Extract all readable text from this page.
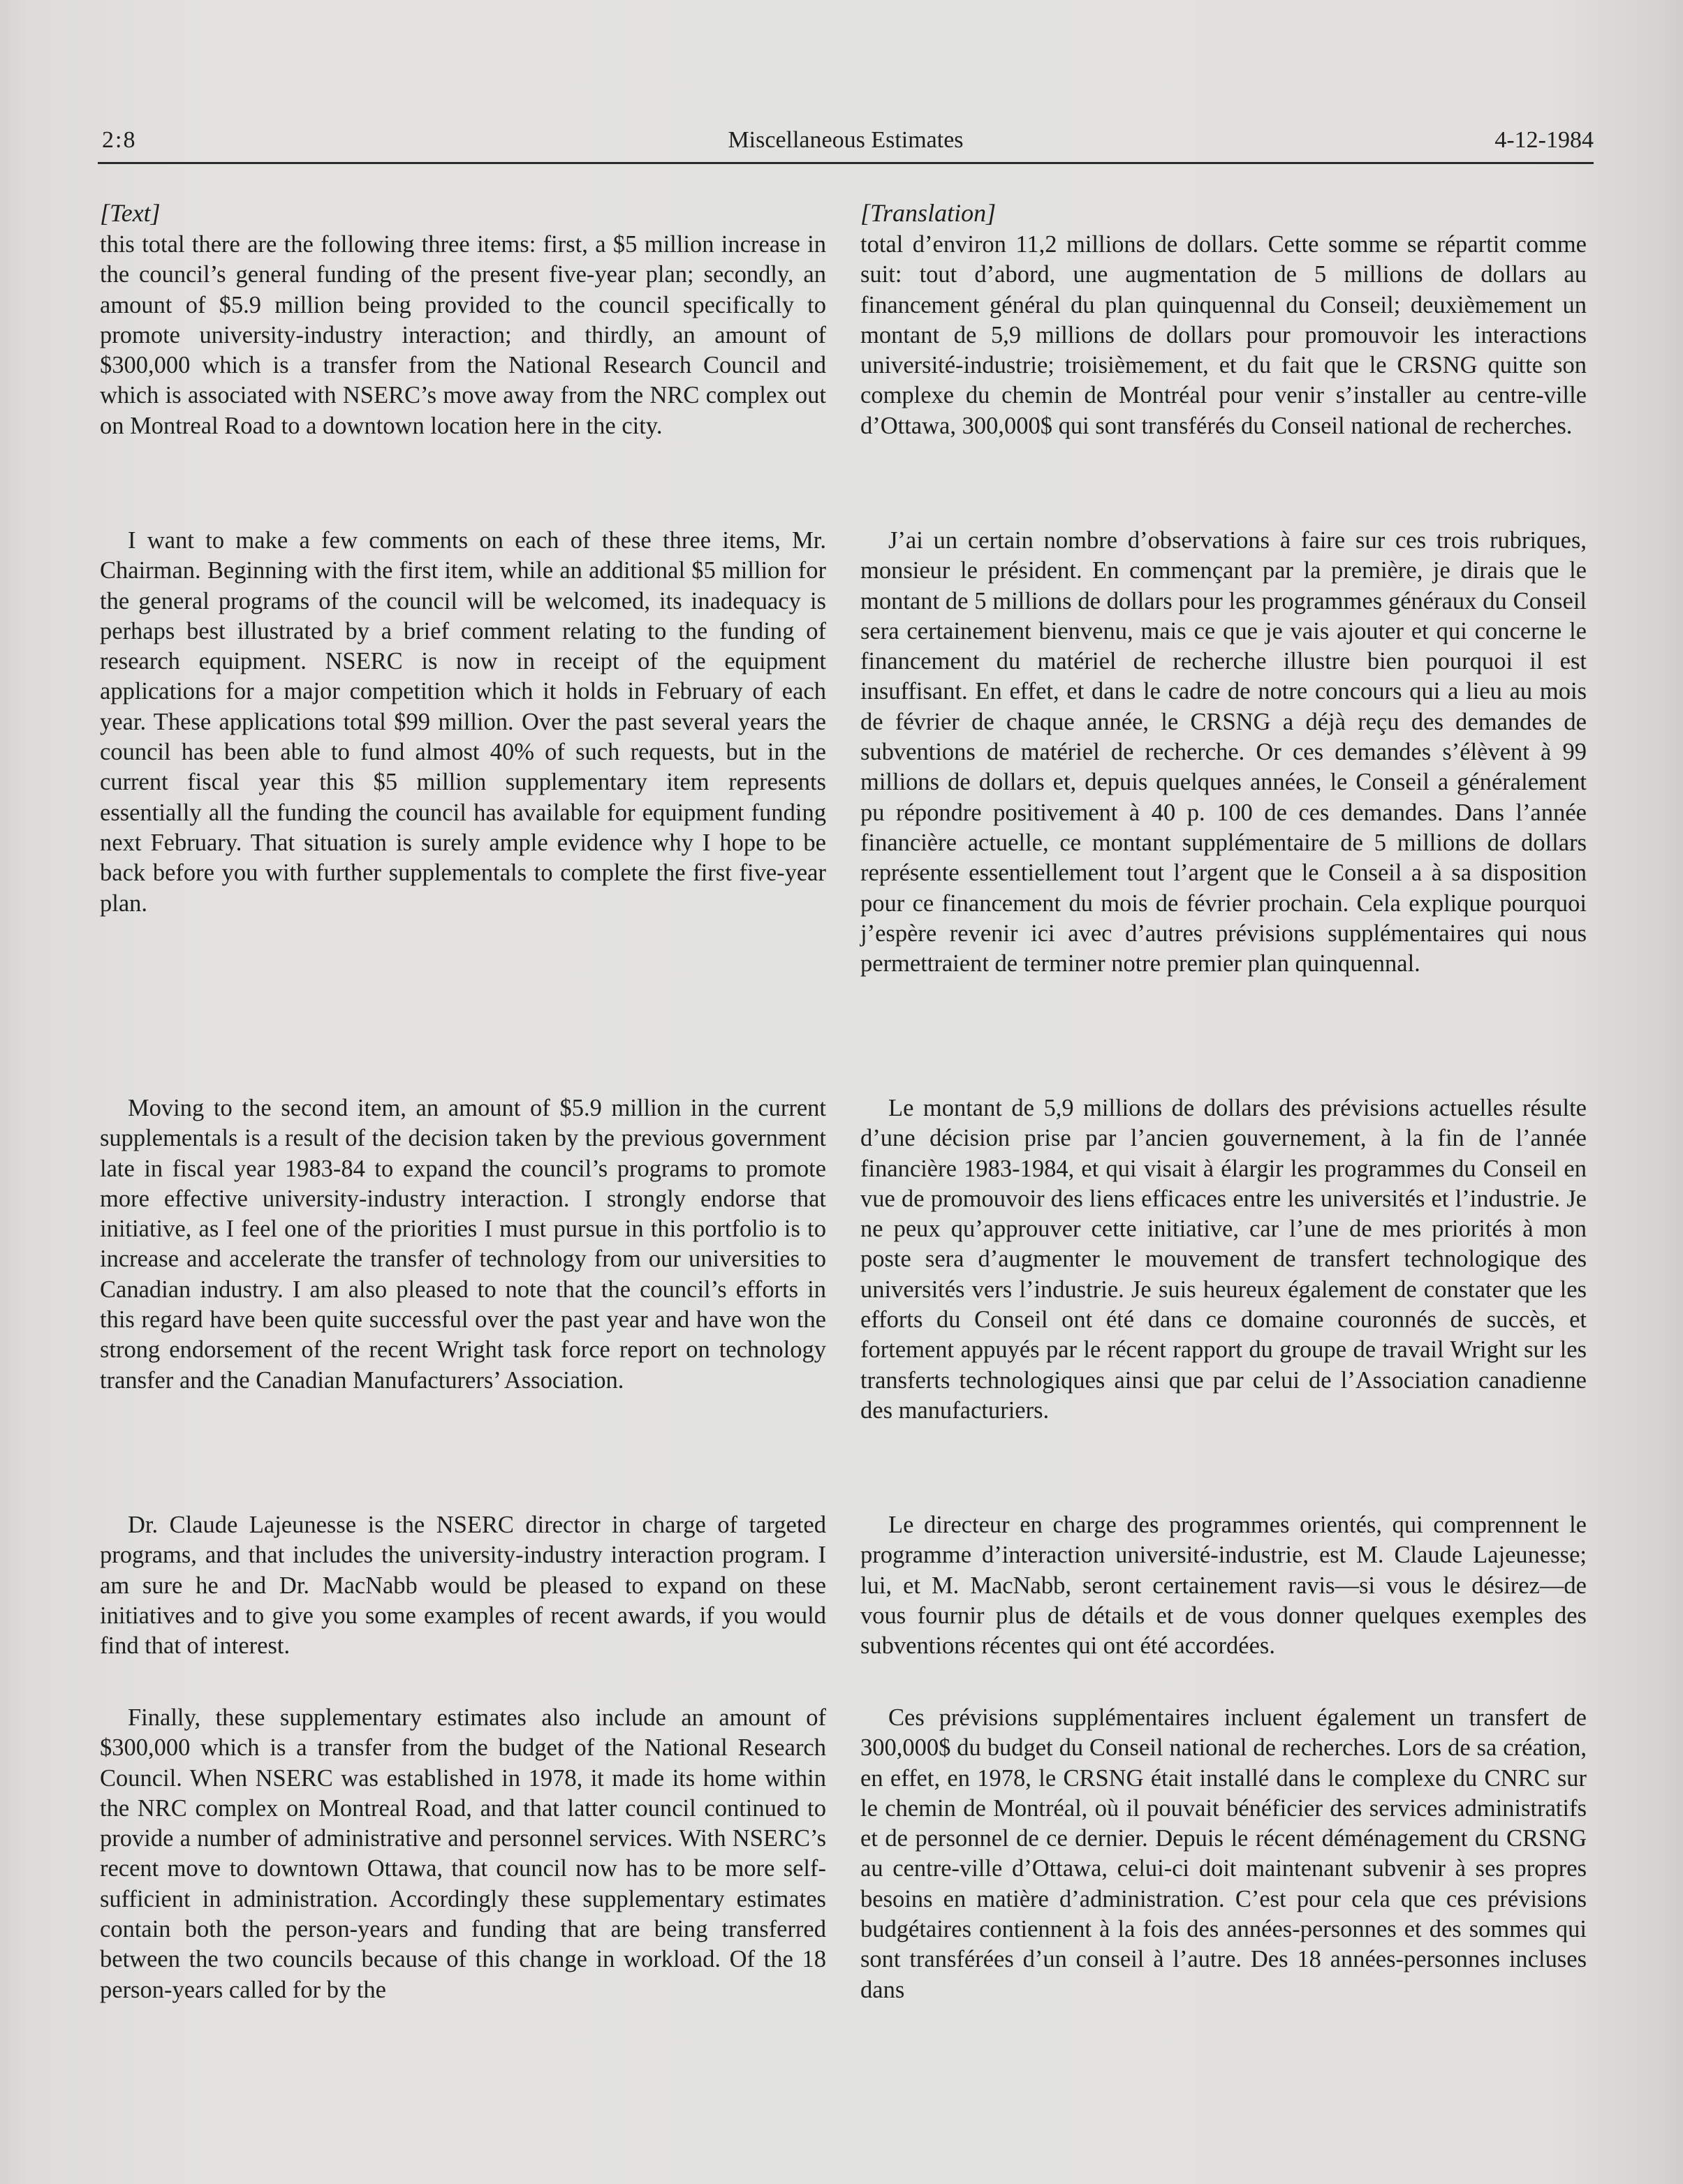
2:8	Miscellaneous Estimates	4-12-1984
[Text]

this total there are the following three items: first, a $5 million increase in the council’s general funding of the present five-year plan; secondly, an amount of $5.9 million being provided to the council specifically to promote university-industry interaction; and thirdly, an amount of $300,000 which is a transfer from the National Research Council and which is associated with NSERC’s move away from the NRC complex out on Montreal Road to a downtown location here in the city.

I want to make a few comments on each of these three items, Mr. Chairman. Beginning with the first item, while an additional $5 million for the general programs of the council will be welcomed, its inadequacy is perhaps best illustrated by a brief comment relating to the funding of research equipment. NSERC is now in receipt of the equipment applications for a major competition which it holds in February of each year. These applications total $99 million. Over the past several years the council has been able to fund almost 40% of such requests, but in the current fiscal year this $5 million supplementary item represents essentially all the funding the council has available for equipment funding next February. That situation is surely ample evidence why I hope to be back before you with further supplementals to complete the first five-year plan.

Moving to the second item, an amount of $5.9 million in the current supplementals is a result of the decision taken by the previous government late in fiscal year 1983-84 to expand the council’s programs to promote more effective university-industry interaction. I strongly endorse that initiative, as I feel one of the priorities I must pursue in this portfolio is to increase and accelerate the transfer of technology from our universities to Canadian industry. I am also pleased to note that the council’s efforts in this regard have been quite successful over the past year and have won the strong endorsement of the recent Wright task force report on technology transfer and the Canadian Manufacturers’ Association.

Dr. Claude Lajeunesse is the NSERC director in charge of targeted programs, and that includes the university-industry interaction program. I am sure he and Dr. MacNabb would be pleased to expand on these initiatives and to give you some examples of recent awards, if you would find that of interest.

Finally, these supplementary estimates also include an amount of $300,000 which is a transfer from the budget of the National Research Council. When NSERC was established in 1978, it made its home within the NRC complex on Montreal Road, and that latter council continued to provide a number of administrative and personnel services. With NSERC’s recent move to downtown Ottawa, that council now has to be more self-sufficient in administration. Accordingly these supplementary estimates contain both the person-years and funding that are being transferred between the two councils because of this change in workload. Of the 18 person-years called for by the

[Translation]

total d’environ 11,2 millions de dollars. Cette somme se répartit comme suit: tout d’abord, une augmentation de 5 millions de dollars au financement général du plan quinquennal du Conseil; deuxièmement un montant de 5,9 millions de dollars pour promouvoir les interactions université-industrie; troisièmement, et du fait que le CRSNG quitte son complexe du chemin de Montréal pour venir s’installer au centre-ville d’Ottawa, 300,000$ qui sont transférés du Conseil national de recherches.

J’ai un certain nombre d’observations à faire sur ces trois rubriques, monsieur le président. En commençant par la première, je dirais que le montant de 5 millions de dollars pour les programmes généraux du Conseil sera certainement bienvenu, mais ce que je vais ajouter et qui concerne le financement du matériel de recherche illustre bien pourquoi il est insuffisant. En effet, et dans le cadre de notre concours qui a lieu au mois de février de chaque année, le CRSNG a déjà reçu des demandes de subventions de matériel de recherche. Or ces demandes s’élèvent à 99 millions de dollars et, depuis quelques années, le Conseil a généralement pu répondre positivement à 40 p. 100 de ces demandes. Dans l’année financière actuelle, ce montant supplémentaire de 5 millions de dollars représente essentiellement tout l’argent que le Conseil a à sa disposition pour ce financement du mois de février prochain. Cela explique pourquoi j’espère revenir ici avec d’autres prévisions supplémentaires qui nous permettraient de terminer notre premier plan quinquennal.

Le montant de 5,9 millions de dollars des prévisions actuelles résulte d’une décision prise par l’ancien gouvernement, à la fin de l’année financière 1983-1984, et qui visait à élargir les programmes du Conseil en vue de promouvoir des liens efficaces entre les universités et l’industrie. Je ne peux qu’approuver cette initiative, car l’une de mes priorités à mon poste sera d’augmenter le mouvement de transfert technologique des universités vers l’industrie. Je suis heureux également de constater que les efforts du Conseil ont été dans ce domaine couronnés de succès, et fortement appuyés par le récent rapport du groupe de travail Wright sur les transferts technologiques ainsi que par celui de l’Association canadienne des manufacturiers.

Le directeur en charge des programmes orientés, qui comprennent le programme d’interaction université-industrie, est M. Claude Lajeunesse; lui, et M. MacNabb, seront certainement ravis—si vous le désirez—de vous fournir plus de détails et de vous donner quelques exemples des subventions récentes qui ont été accordées.

Ces prévisions supplémentaires incluent également un transfert de 300,000$ du budget du Conseil national de recherches. Lors de sa création, en effet, en 1978, le CRSNG était installé dans le complexe du CNRC sur le chemin de Montréal, où il pouvait bénéficier des services administratifs et de personnel de ce dernier. Depuis le récent déménagement du CRSNG au centre-ville d’Ottawa, celui-ci doit maintenant subvenir à ses propres besoins en matière d’administration. C’est pour cela que ces prévisions budgétaires contiennent à la fois des années-personnes et des sommes qui sont transférées d’un conseil à l’autre. Des 18 années-personnes incluses dans
